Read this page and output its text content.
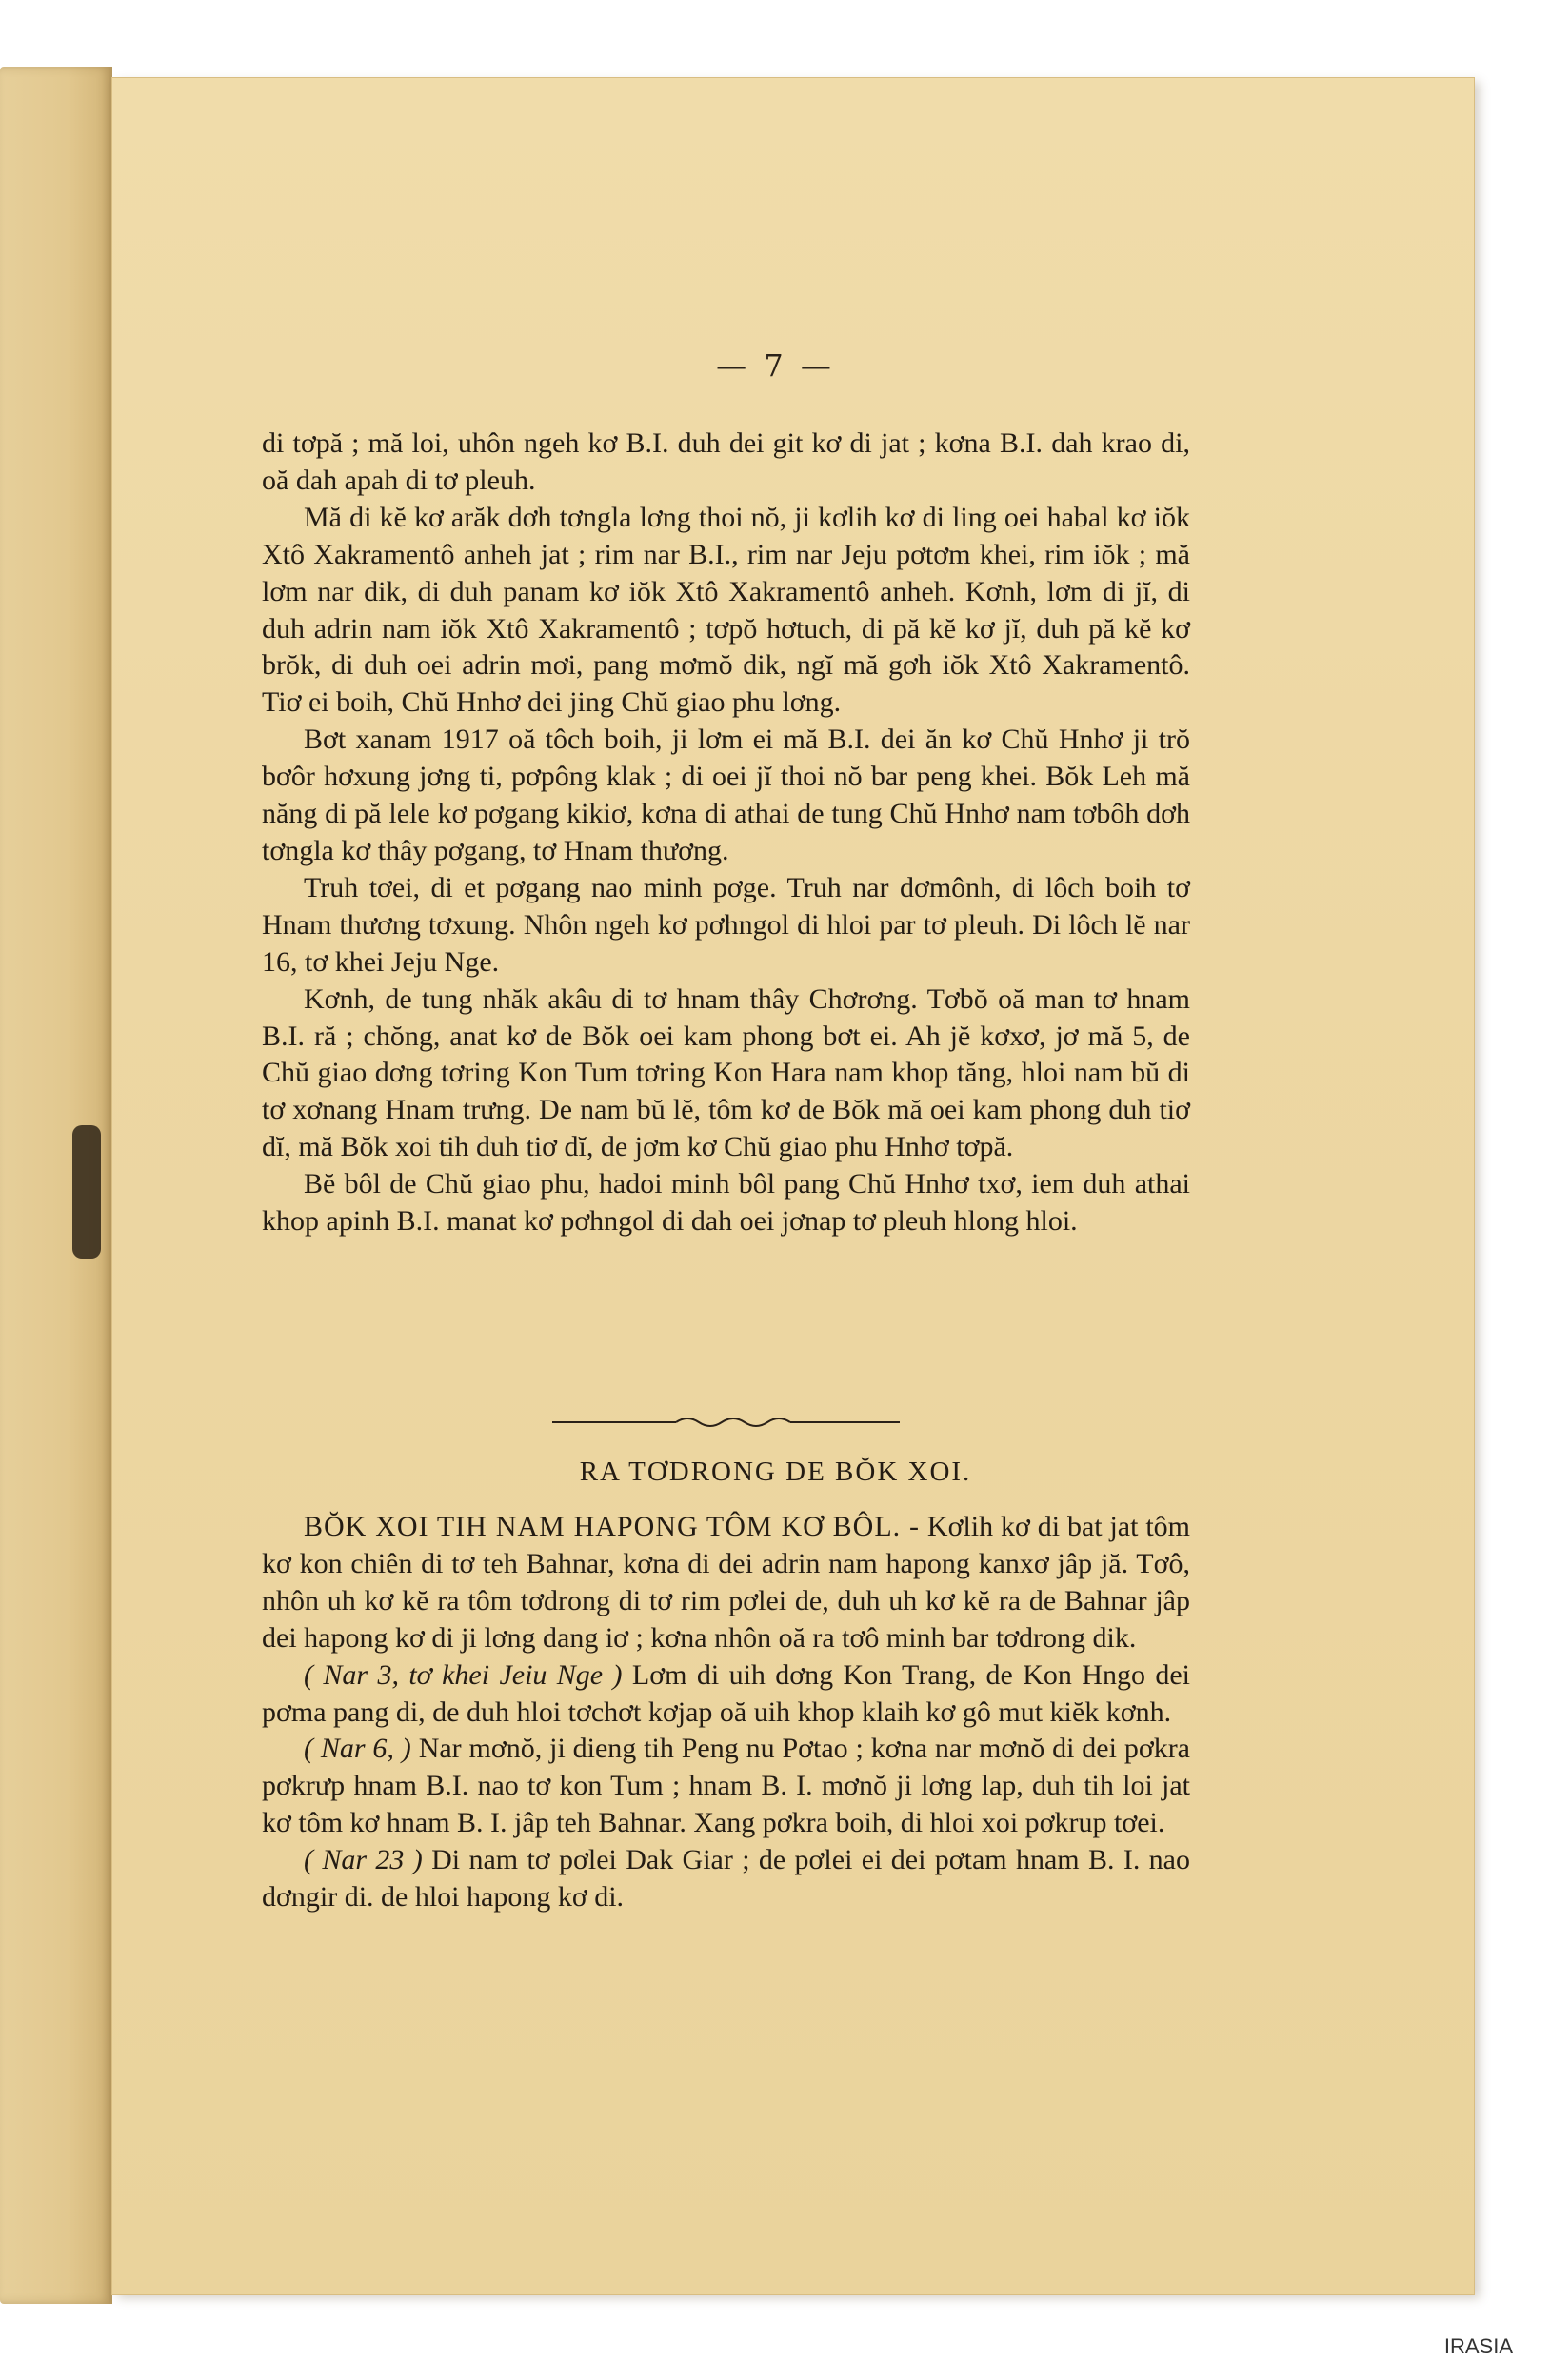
— 7 —

di tơpă ; mă loi, uhôn ngeh kơ B.I. duh dei git kơ di jat ; kơna B.I. dah krao di, oă dah apah di tơ pleuh.

Mă di kĕ kơ arăk dơh tơngla lơng thoi nŏ, ji kơlih kơ di ling oei habal kơ iŏk Xtô Xakramentô anheh jat ; rim nar B.I., rim nar Jeju pơtơm khei, rim iŏk ; mă lơm nar dik, di duh panam kơ iŏk Xtô Xakramentô anheh. Kơnh, lơm di jĭ, di duh adrin nam iŏk Xtô Xakramentô ; tơpŏ hơtuch, di pă kĕ kơ jĭ, duh pă kĕ kơ brŏk, di duh oei adrin mơi, pang mơmŏ dik, ngĭ mă gơh iŏk Xtô Xakramentô. Tiơ ei boih, Chŭ Hnhơ dei jing Chŭ giao phu lơng.

Bơt xanam 1917 oă tôch boih, ji lơm ei mă B.I. dei ăn kơ Chŭ Hnhơ ji trŏ bơôr hơxung jơng ti, pơpông klak ; di oei jĭ thoi nŏ bar peng khei. Bŏk Leh mă năng di pă lele kơ pơgang kikiơ, kơna di athai de tung Chŭ Hnhơ nam tơbôh dơh tơngla kơ thây pơgang, tơ Hnam thương.

Truh tơei, di et pơgang nao minh pơge. Truh nar dơmônh, di lôch boih tơ Hnam thương tơxung. Nhôn ngeh kơ pơhngol di hloi par tơ pleuh. Di lôch lĕ nar 16, tơ khei Jeju Nge.

Kơnh, de tung nhăk akâu di tơ hnam thây Chơrơng. Tơbŏ oă man tơ hnam B.I. ră ; chŏng, anat kơ de Bŏk oei kam phong bơt ei. Ah jĕ kơxơ, jơ mă 5, de Chŭ giao dơng tơring Kon Tum tơring Kon Hara nam khop tăng, hloi nam bŭ di tơ xơnang Hnam trưng. De nam bŭ lĕ, tôm kơ de Bŏk mă oei kam phong duh tiơ dĭ, mă Bŏk xoi tih duh tiơ dĭ, de jơm kơ Chŭ giao phu Hnhơ tơpă.

Bĕ bôl de Chŭ giao phu, hadoi minh bôl pang Chŭ Hnhơ txơ, iem duh athai khop apinh B.I. manat kơ pơhngol di dah oei jơnap tơ pleuh hlong hloi.

RA TƠDRONG DE BŎK XOI.

BŎK XOI TIH NAM HAPONG TÔM KƠ BÔL. - Kơlih kơ di bat jat tôm kơ kon chiên di tơ teh Bahnar, kơna di dei adrin nam hapong kanxơ jâp jă. Tơô, nhôn uh kơ kĕ ra tôm tơdrong di tơ rim pơlei de, duh uh kơ kĕ ra de Bahnar jâp dei hapong kơ di ji lơng dang iơ ; kơna nhôn oă ra tơô minh bar tơdrong dik.

( Nar 3, tơ khei Jeiu Nge ) Lơm di uih dơng Kon Trang, de Kon Hngo dei pơma pang di, de duh hloi tơchơt kơjap oă uih khop klaih kơ gô mut kiĕk kơnh.

( Nar 6, ) Nar mơnŏ, ji dieng tih Peng nu Pơtao ; kơna nar mơnŏ di dei pơkra pơkrưp hnam B.I. nao tơ kon Tum ; hnam B. I. mơnŏ ji lơng lap, duh tih loi jat kơ tôm kơ hnam B. I. jâp teh Bahnar. Xang pơkra boih, di hloi xoi pơkrup tơei.

( Nar 23 ) Di nam tơ pơlei Dak Giar ; de pơlei ei dei pơtam hnam B. I. nao dơngir di. de hloi hapong kơ di.

IRASIA
